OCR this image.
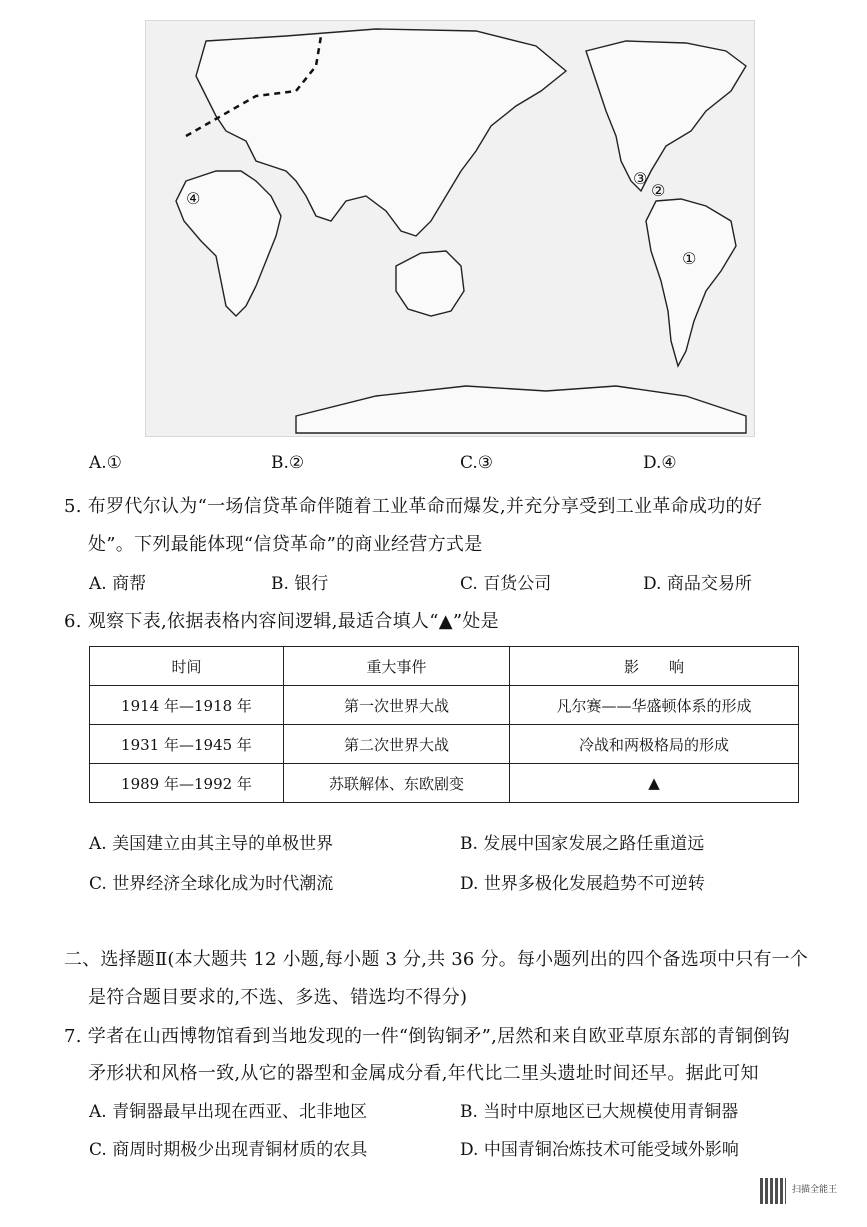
④
③
②
①
A.①	B.②	C.③	D.④
5. 布罗代尔认为“一场信贷革命伴随着工业革命而爆发,并充分享受到工业革命成功的好
处”。下列最能体现“信贷革命”的商业经营方式是
A. 商帮	B. 银行	C. 百货公司	D. 商品交易所
6. 观察下表,依据表格内容间逻辑,最适合填人“▲”处是
时间	重大事件	影　　响
1914 年—1918 年	第一次世界大战	凡尔赛——华盛顿体系的形成
1931 年—1945 年	第二次世界大战	冷战和两极格局的形成
1989 年—1992 年	苏联解体、东欧剧变	▲
A. 美国建立由其主导的单极世界	B. 发展中国家发展之路任重道远
C. 世界经济全球化成为时代潮流	D. 世界多极化发展趋势不可逆转
二、选择题Ⅱ(本大题共 12 小题,每小题 3 分,共 36 分。每小题列出的四个备选项中只有一个
是符合题目要求的,不选、多选、错选均不得分)
7. 学者在山西博物馆看到当地发现的一件“倒钩铜矛”,居然和来自欧亚草原东部的青铜倒钩
矛形状和风格一致,从它的器型和金属成分看,年代比二里头遗址时间还早。据此可知
A. 青铜器最早出现在西亚、北非地区	B. 当时中原地区已大规模使用青铜器
C. 商周时期极少出现青铜材质的农具	D. 中国青铜冶炼技术可能受域外影响
扫描全能王
